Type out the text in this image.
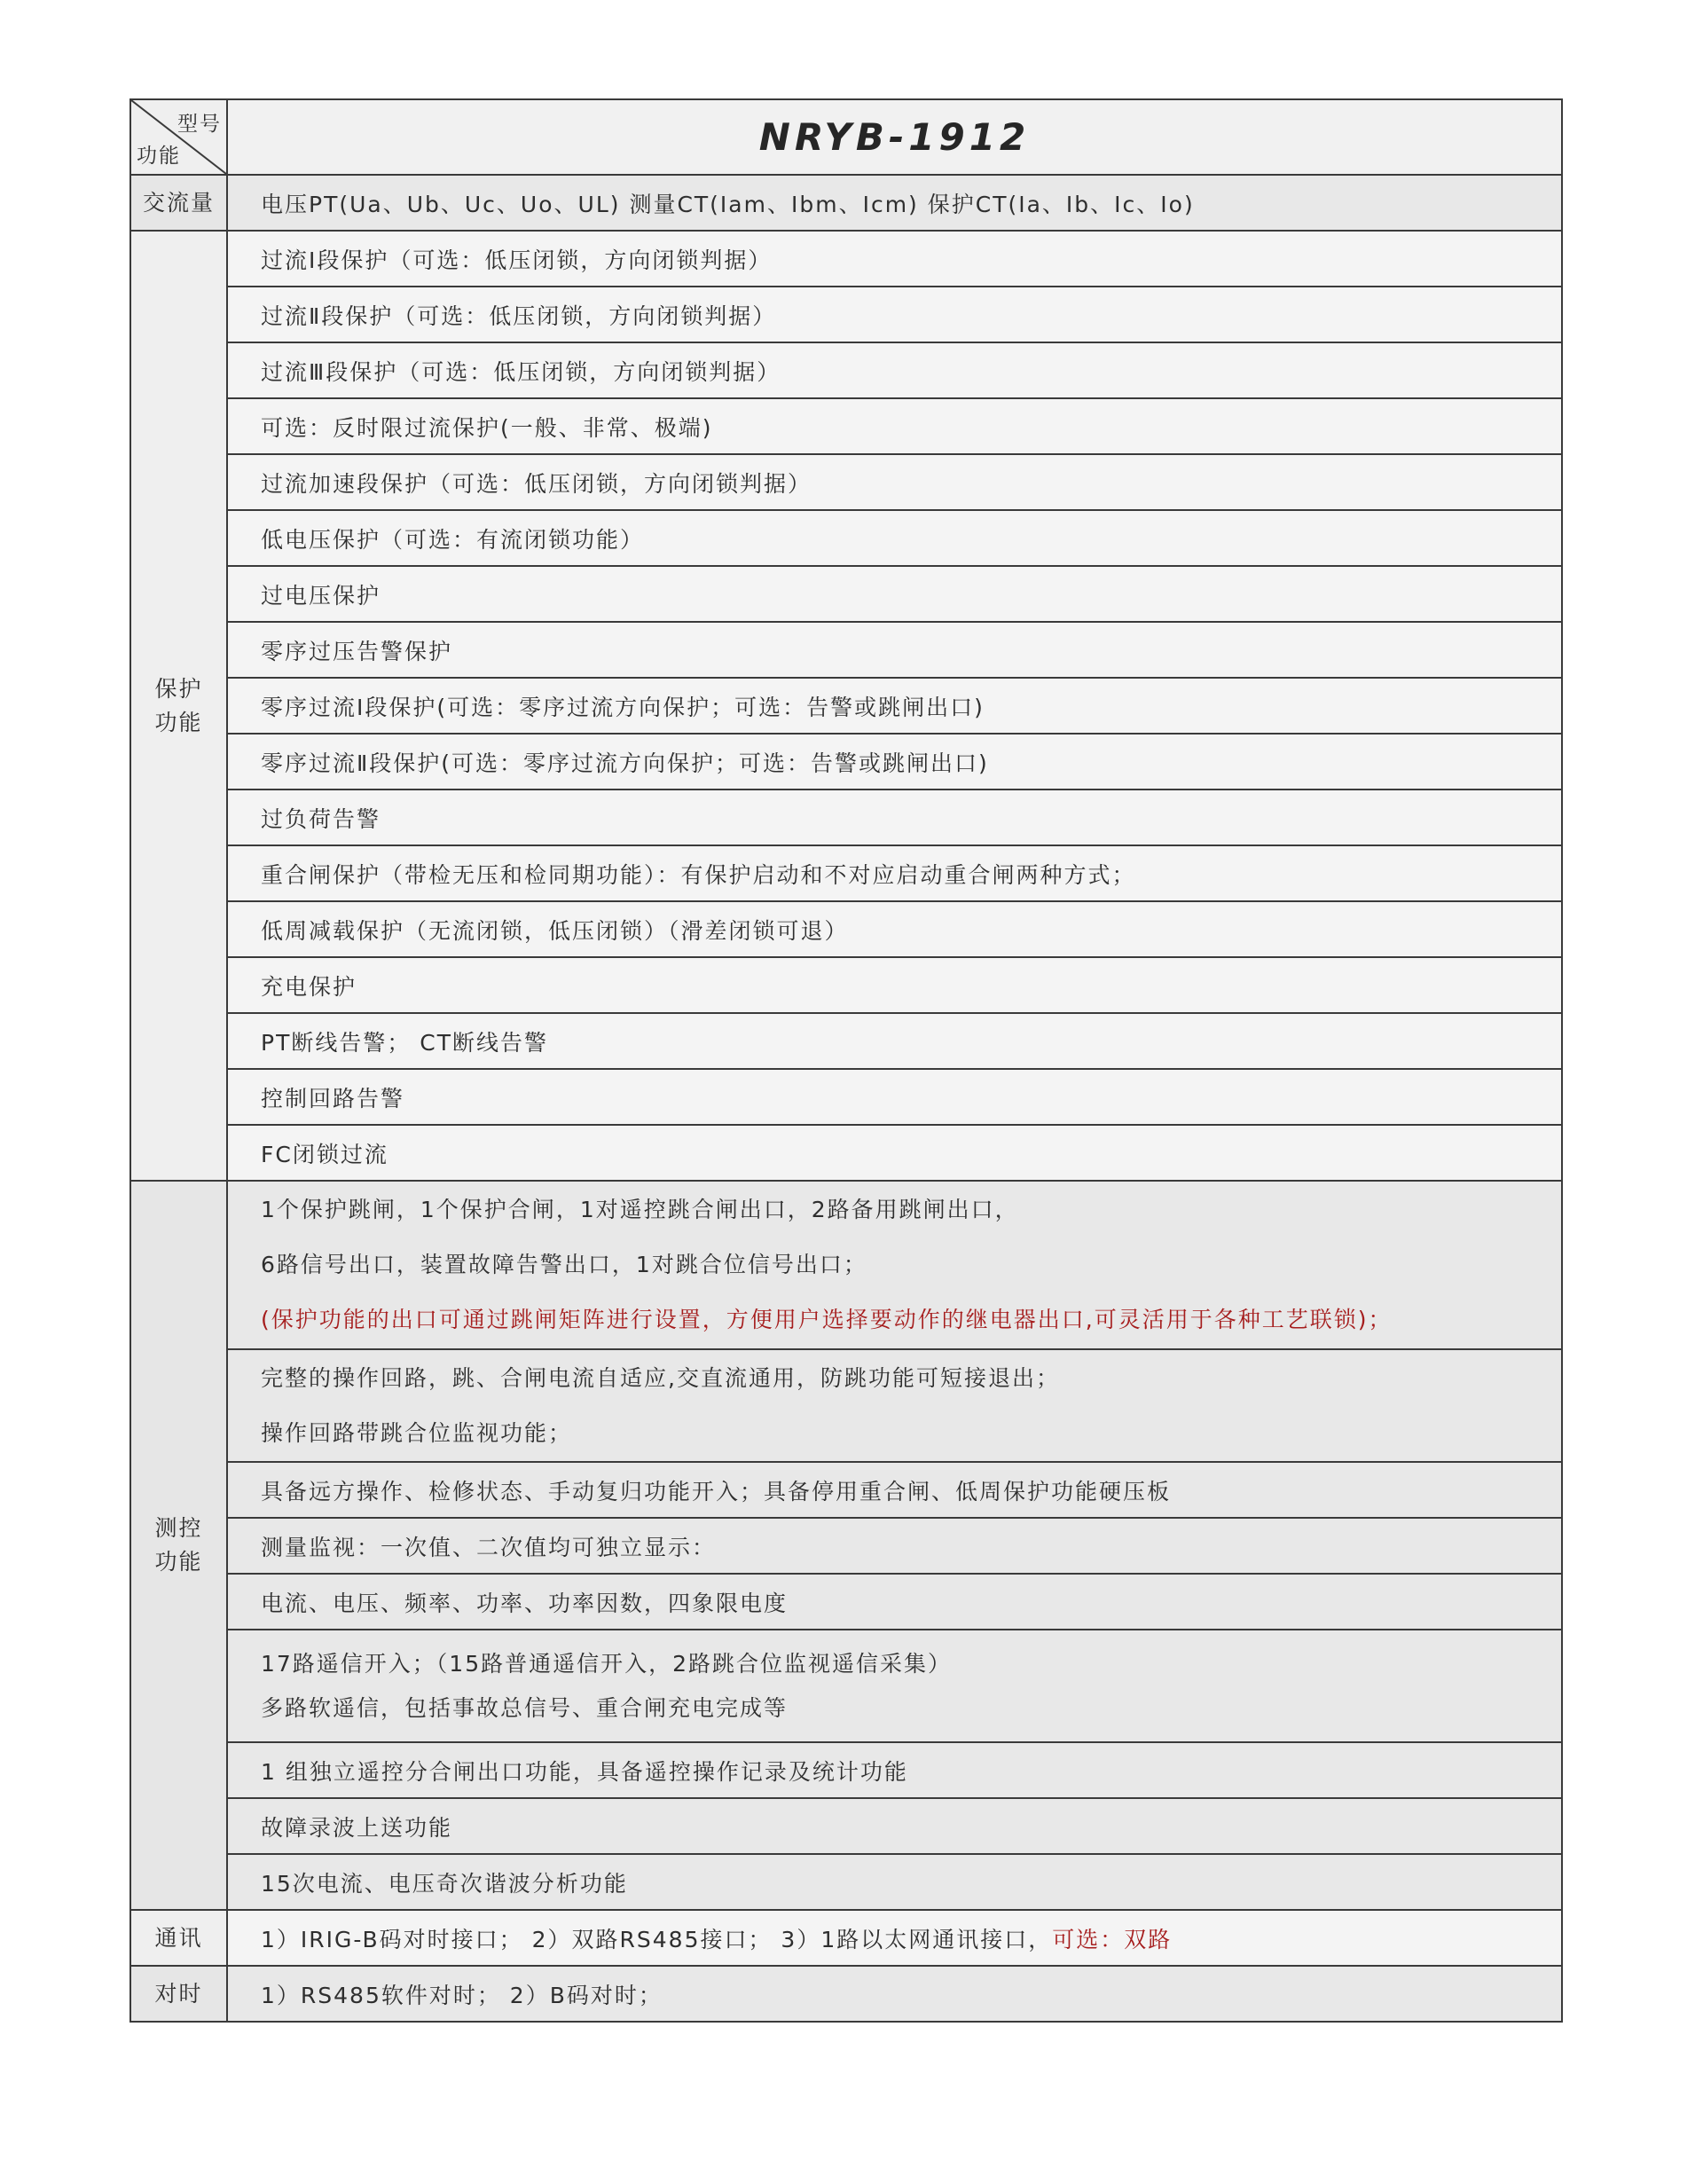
型号
功能	NRYB-1912
交流量	电压PT(Ua、Ub、Uc、Uo、UL) 测量CT(Iam、Ibm、Icm) 保护CT(Ia、Ib、Ic、Io)
保护
功能	过流Ⅰ段保护（可选：低压闭锁，方向闭锁判据）
	过流Ⅱ段保护（可选：低压闭锁，方向闭锁判据）
	过流Ⅲ段保护（可选：低压闭锁，方向闭锁判据）
	可选：反时限过流保护(一般、非常、极端)
	过流加速段保护（可选：低压闭锁，方向闭锁判据）
	低电压保护（可选：有流闭锁功能）
	过电压保护
	零序过压告警保护
	零序过流Ⅰ段保护(可选：零序过流方向保护；可选：告警或跳闸出口)
	零序过流Ⅱ段保护(可选：零序过流方向保护；可选：告警或跳闸出口)
	过负荷告警
	重合闸保护（带检无压和检同期功能）：有保护启动和不对应启动重合闸两种方式；
	低周减载保护（无流闭锁，低压闭锁）（滑差闭锁可退）
	充电保护
	PT断线告警； CT断线告警
	控制回路告警
	FC闭锁过流
测控
功能	1个保护跳闸，1个保护合闸，1对遥控跳合闸出口，2路备用跳闸出口，
6路信号出口，装置故障告警出口，1对跳合位信号出口；
(保护功能的出口可通过跳闸矩阵进行设置，方便用户选择要动作的继电器出口,可灵活用于各种工艺联锁)；

	完整的操作回路，跳、合闸电流自适应,交直流通用，防跳功能可短接退出；
操作回路带跳合位监视功能；

	具备远方操作、检修状态、手动复归功能开入；具备停用重合闸、低周保护功能硬压板
	测量监视：一次值、二次值均可独立显示：
	电流、电压、频率、功率、功率因数，四象限电度

	17路遥信开入；（15路普通遥信开入，2路跳合位监视遥信采集）
多路软遥信，包括事故总信号、重合闸充电完成等

	1 组独立遥控分合闸出口功能，具备遥控操作记录及统计功能
	故障录波上送功能
	15次电流、电压奇次谐波分析功能
通讯	1）IRIG-B码对时接口； 2）双路RS485接口； 3）1路以太网通讯接口，可选：双路
对时	1）RS485软件对时； 2）B码对时；
